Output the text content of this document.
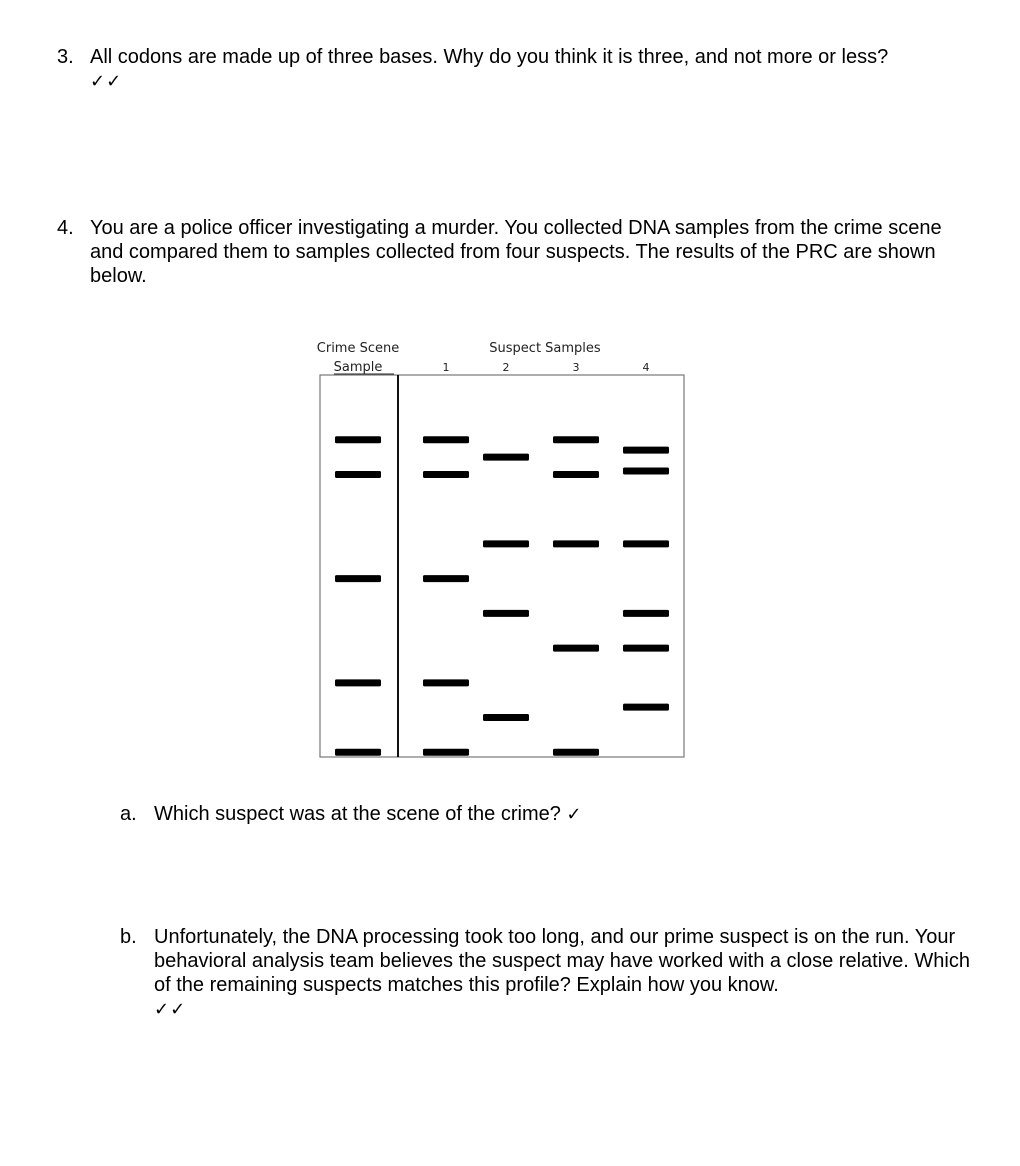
3. All codons are made up of three bases. Why do you think it is three, and not more or less?
✓✓
4. You are a police officer investigating a murder. You collected DNA samples from the crime scene and compared them to samples collected from four suspects. The results of the PRC are shown below.
Crime Scene
Sample
Suspect Samples
1	2	3	4
a. Which suspect was at the scene of the crime? ✓
b. Unfortunately, the DNA processing took too long, and our prime suspect is on the run. Your behavioral analysis team believes the suspect may have worked with a close relative. Which of the remaining suspects matches this profile? Explain how you know.
✓✓
